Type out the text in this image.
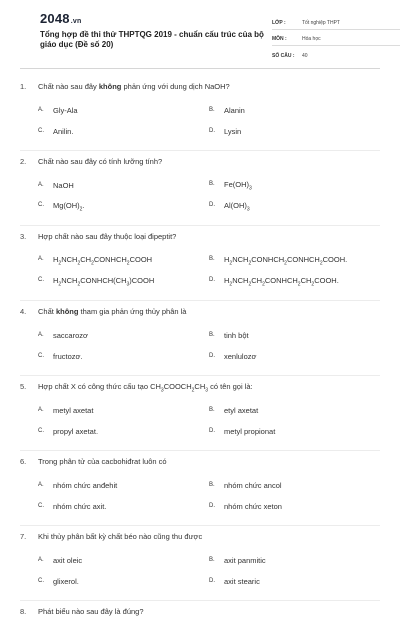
2048.vn
Tổng hợp đề thi thử THPTQG 2019 - chuẩn cấu trúc của bộ giáo dục (Đề số 20)
LỚP :	Tốt nghiệp THPT
MÔN :	Hóa học
SỐ CÂU :	40
1.	Chất nào sau đây không phản ứng với dung dịch NaOH?
A.	Gly-Ala	B.	Alanin
C.	Anilin.	D.	Lysin
2.	Chất nào sau đây có tính lưỡng tính?
A.	NaOH	B.	$Fe(OH)_3$
C.	$Mg(OH)_2$.	D.	$Al(OH)_3$
3.	Hợp chất nào sau đây thuộc loại đipeptit?
A.	$H_2NCH_2CH_2CONHCH_2COOH$	B.	$H_2NCH_2CONHCH_2CONHCH_2COOH$.
C.	$H_2NCH_2CONHCH(CH_3)COOH$	D.	$H_2NCH_2CH_2CONHCH_2CH_2COOH$.
4.	Chất không tham gia phản ứng thủy phân là
A.	saccarozơ	B.	tinh bột
C.	fructozơ.	D.	xenlulozơ
5.	Hợp chất X có công thức cấu tạo $CH_3COOCH_2CH_3$ có tên gọi là:
A.	metyl axetat	B.	etyl axetat
C.	propyl axetat.	D.	metyl propionat
6.	Trong phân tử của cacbohiđrat luôn có
A.	nhóm chức anđehit	B.	nhóm chức ancol
C.	nhóm chức axit.	D.	nhóm chức xeton
7.	Khi thủy phân bất kỳ chất béo nào cũng thu được
A.	axit oleic	B.	axit panmitic
C.	glixerol.	D.	axit stearic
8.	Phát biểu nào sau đây là đúng?
